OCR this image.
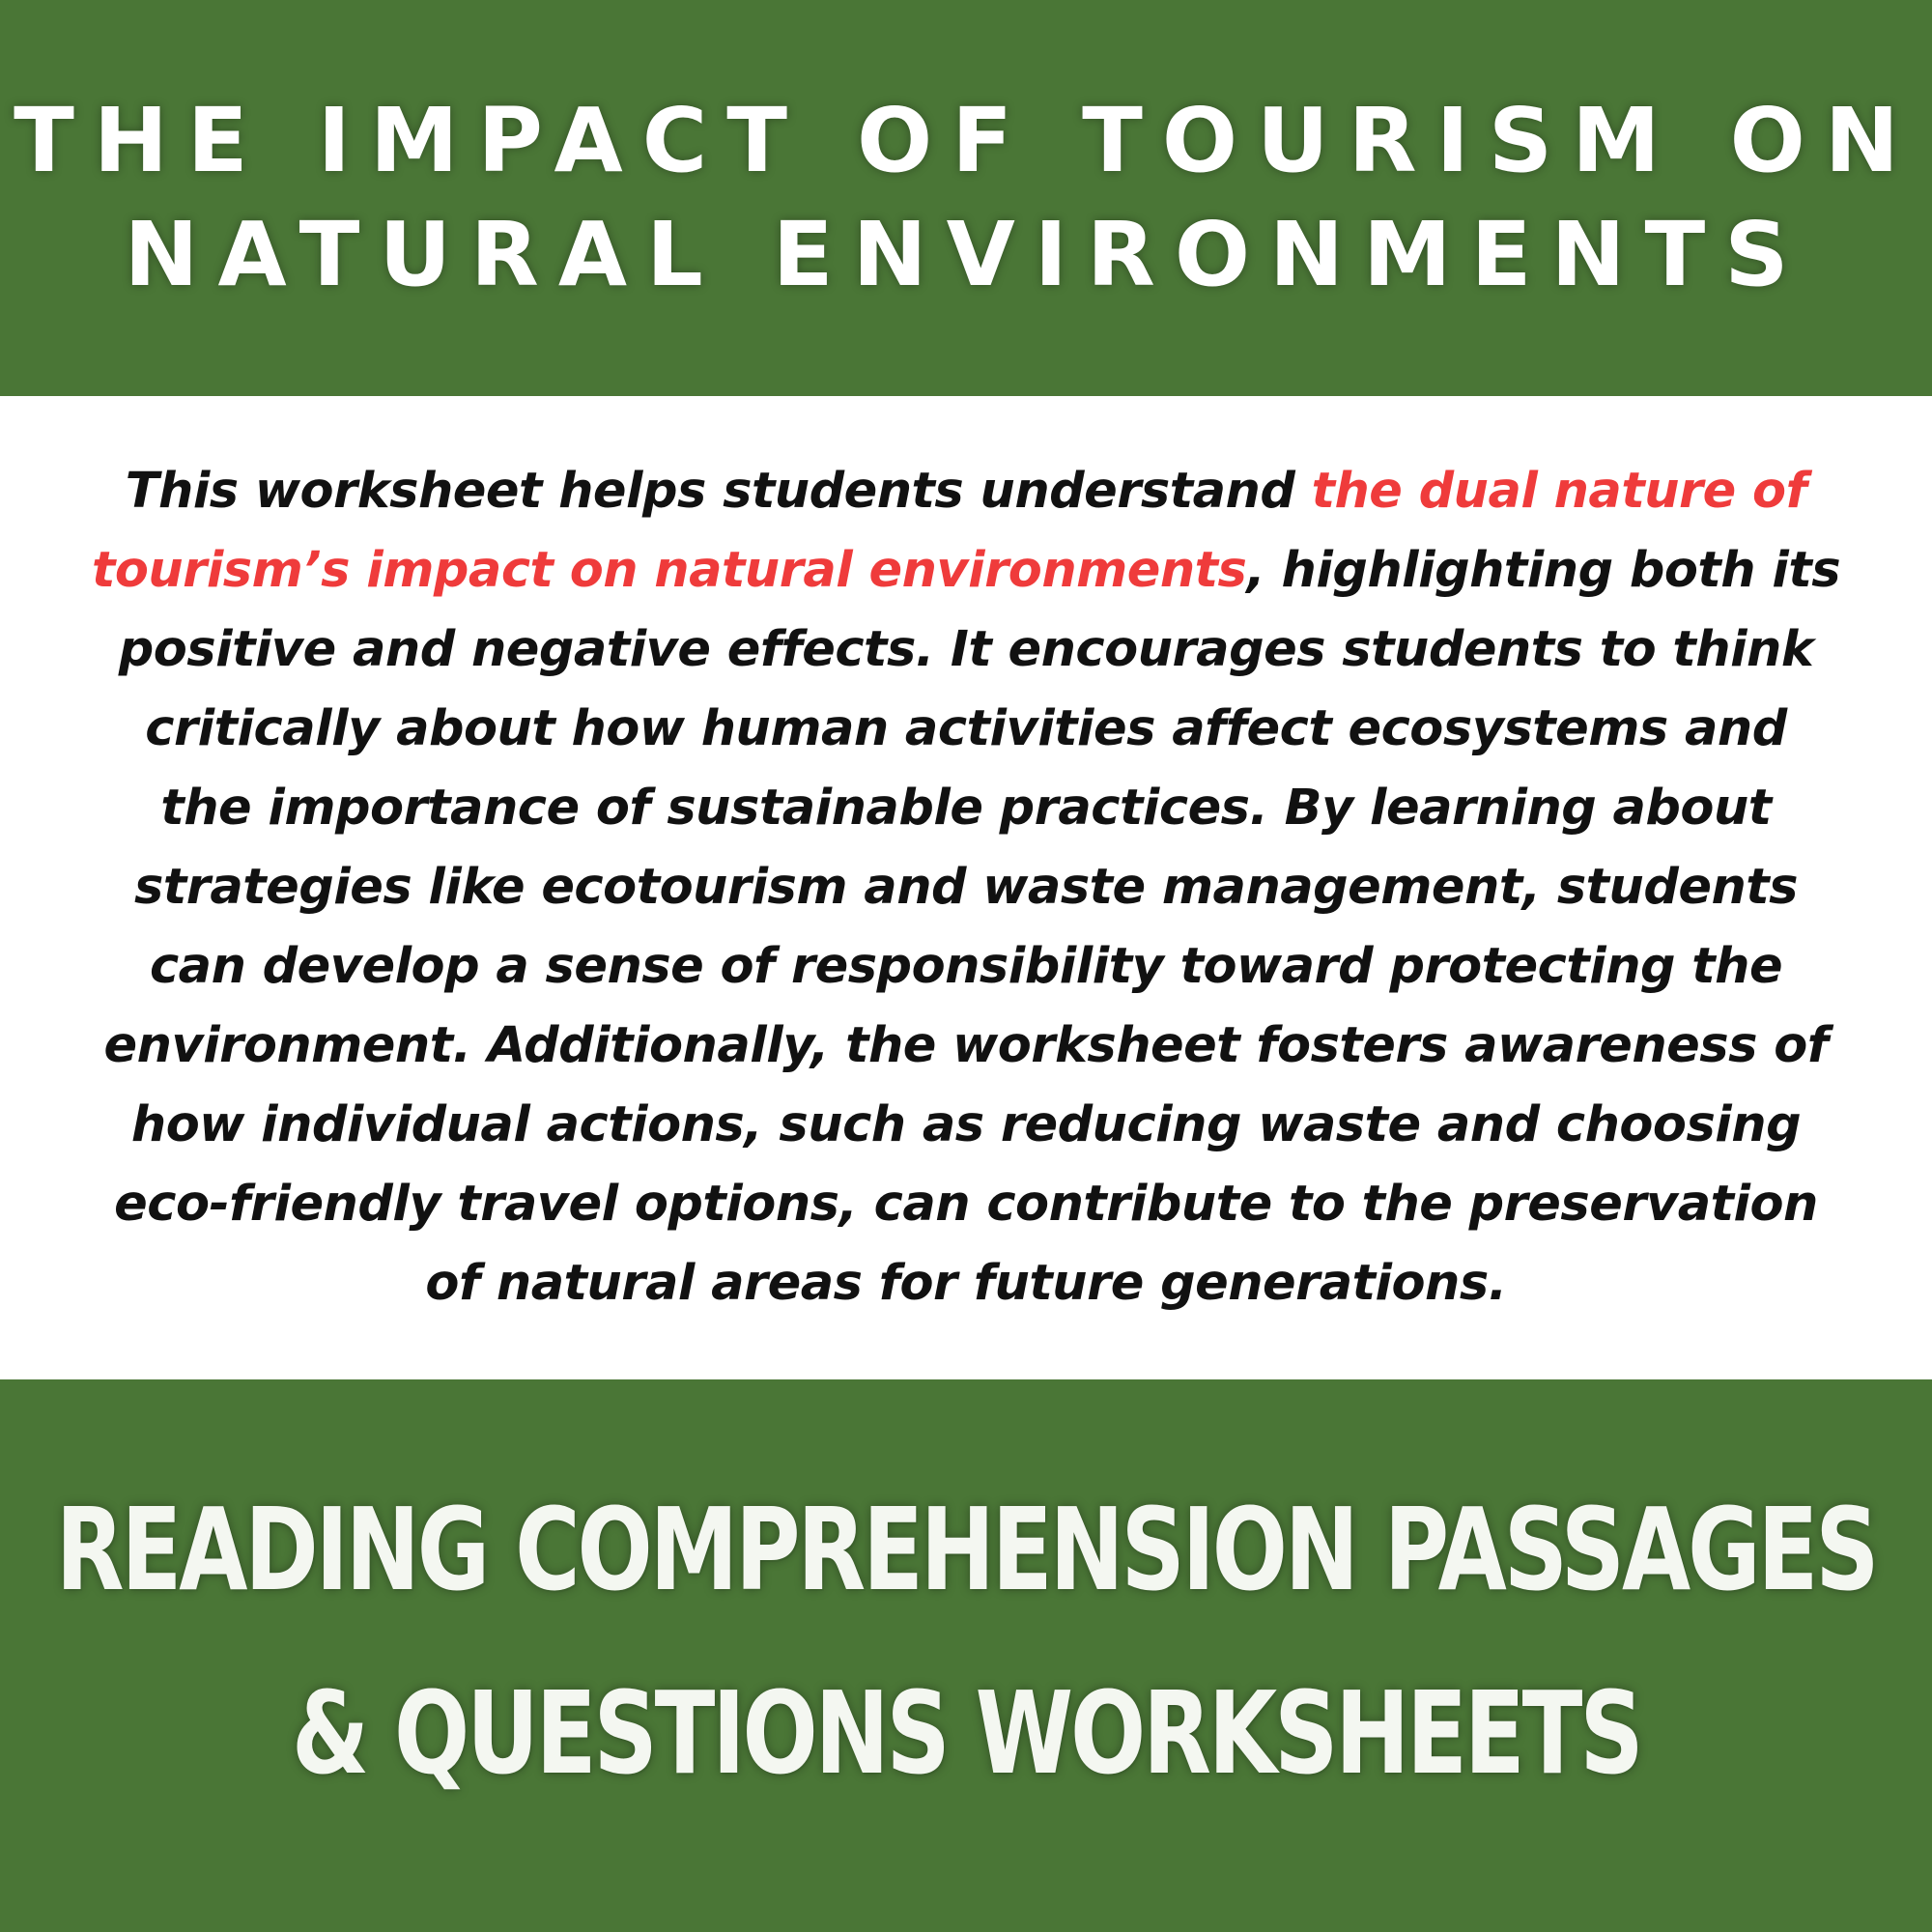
THE IMPACT OF TOURISM ON
NATURAL ENVIRONMENTS

This worksheet helps students understand the dual nature of
tourism’s impact on natural environments, highlighting both its
positive and negative effects. It encourages students to think
critically about how human activities affect ecosystems and
the importance of sustainable practices. By learning about
strategies like ecotourism and waste management, students
can develop a sense of responsibility toward protecting the
environment. Additionally, the worksheet fosters awareness of
how individual actions, such as reducing waste and choosing
eco-friendly travel options, can contribute to the preservation
of natural areas for future generations.

READING COMPREHENSION PASSAGES
& QUESTIONS WORKSHEETS
